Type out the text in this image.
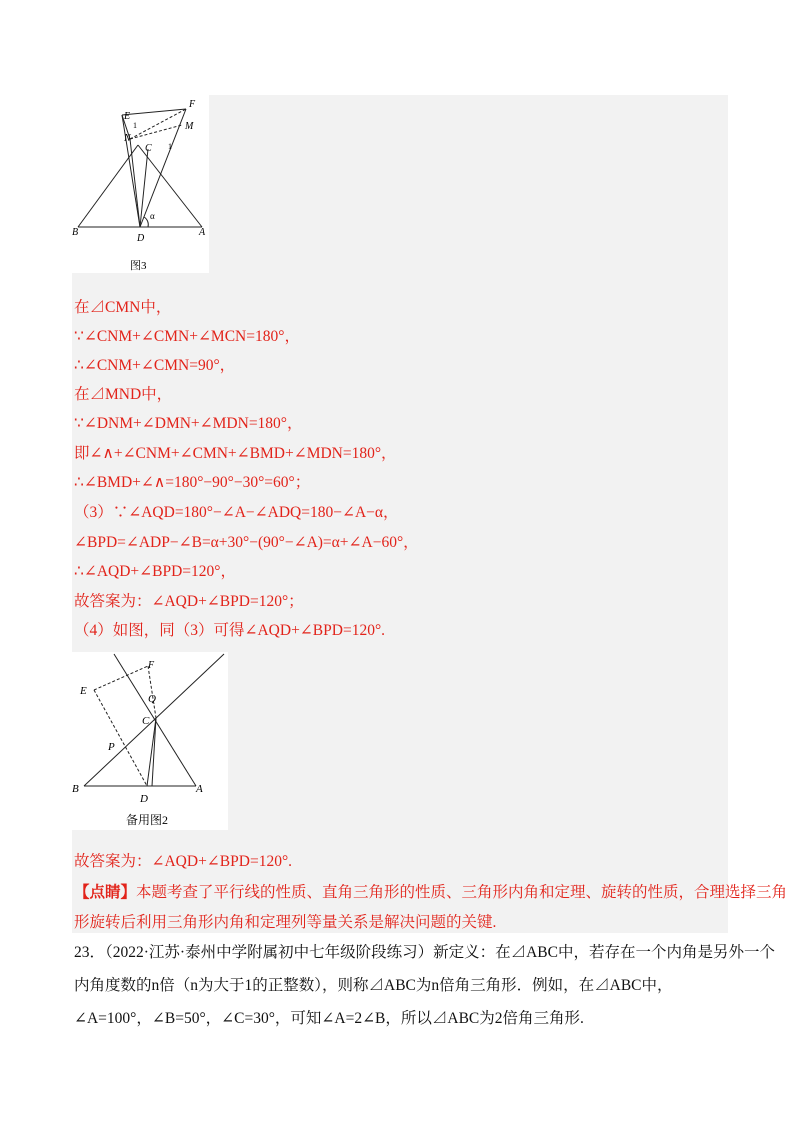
E
F
N
M
C
1
1
B
D
A
α
图3
在⊿CMN中，
∵∠CNM+∠CMN+∠MCN=180°，
∴∠CNM+∠CMN=90°，
在⊿MND中，
∵∠DNM+∠DMN+∠MDN=180°，
即∠∧+∠CNM+∠CMN+∠BMD+∠MDN=180°，
∴∠BMD+∠∧=180°−90°−30°=60°；
（3）∵∠AQD=180°−∠A−∠ADQ=180−∠A−α，
∠BPD=∠ADP−∠B=α+30°−(90°−∠A)=α+∠A−60°，
∴∠AQD+∠BPD=120°，
故答案为：∠AQD+∠BPD=120°；
（4）如图，同（3）可得∠AQD+∠BPD=120°.
E
F
Q
C
P
B
D
A
备用图2
故答案为：∠AQD+∠BPD=120°.
【点睛】本题考查了平行线的性质、直角三角形的性质、三角形内角和定理、旋转的性质，合理选择三角
形旋转后利用三角形内角和定理列等量关系是解决问题的关键.
23．（2022·江苏·泰州中学附属初中七年级阶段练习）新定义：在⊿ABC中，若存在一个内角是另外一个
内角度数的n倍（n为大于1的正整数），则称⊿ABC为n倍角三角形．例如，在⊿ABC中，
∠A=100°，∠B=50°，∠C=30°，可知∠A=2∠B，所以⊿ABC为2倍角三角形.
